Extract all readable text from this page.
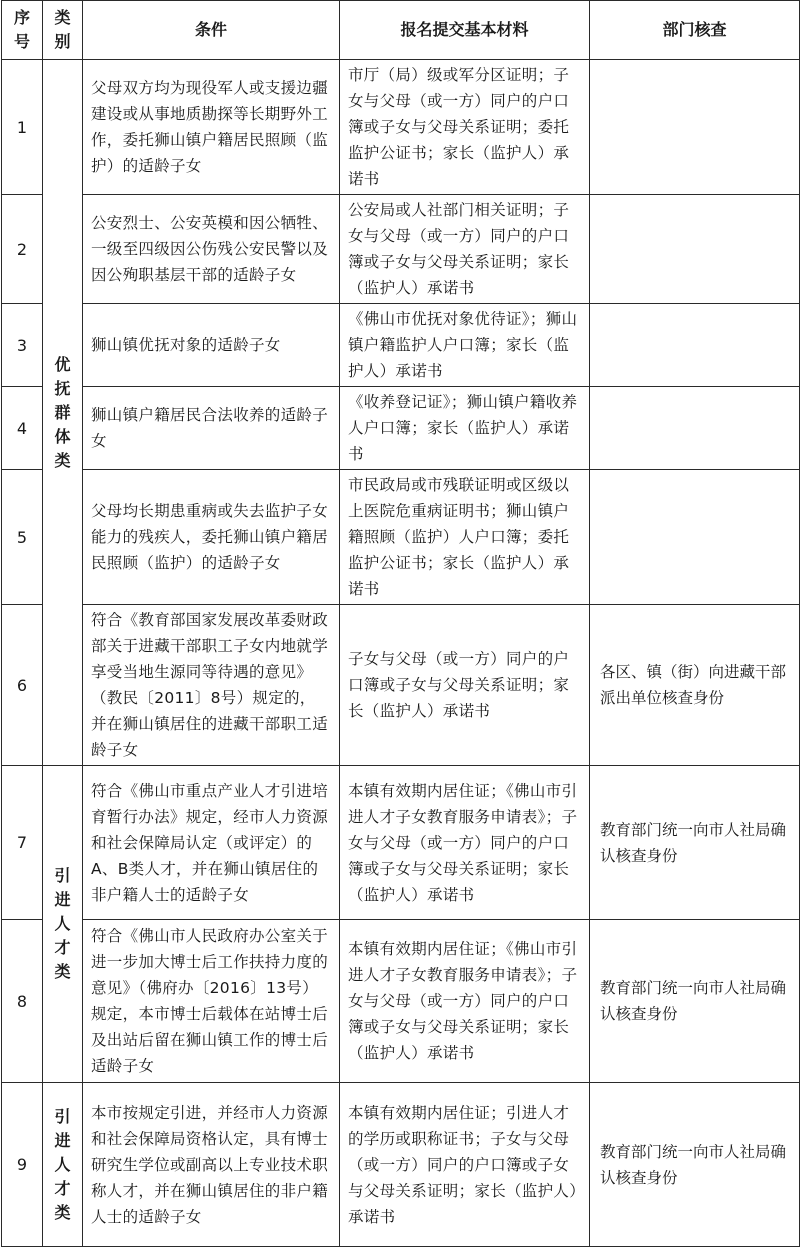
序号	类别	条件	报名提交基本材料	部门核查
1	优抚群体类	父母双方均为现役军人或支援边疆建设或从事地质勘探等长期野外工作，委托狮山镇户籍居民照顾（监护）的适龄子女	市厅（局）级或军分区证明；子女与父母（或一方）同户的户口簿或子女与父母关系证明；委托监护公证书；家长（监护人）承诺书	
2		公安烈士、公安英模和因公牺牲、一级至四级因公伤残公安民警以及因公殉职基层干部的适龄子女	公安局或人社部门相关证明；子女与父母（或一方）同户的户口簿或子女与父母关系证明；家长（监护人）承诺书	
3		狮山镇优抚对象的适龄子女	《佛山市优抚对象优待证》；狮山镇户籍监护人户口簿；家长（监护人）承诺书	
4		狮山镇户籍居民合法收养的适龄子女	《收养登记证》；狮山镇户籍收养人户口簿；家长（监护人）承诺书	
5		父母均长期患重病或失去监护子女能力的残疾人，委托狮山镇户籍居民照顾（监护）的适龄子女	市民政局或市残联证明或区级以上医院危重病证明书；狮山镇户籍照顾（监护）人户口簿；委托监护公证书；家长（监护人）承诺书	
6		符合《教育部国家发展改革委财政部关于进藏干部职工子女内地就学享受当地生源同等待遇的意见》（教民〔2011〕8号）规定的，并在狮山镇居住的进藏干部职工适龄子女	子女与父母（或一方）同户的户口簿或子女与父母关系证明；家长（监护人）承诺书	各区、镇（街）向进藏干部派出单位核查身份
7	引进人才类	符合《佛山市重点产业人才引进培育暂行办法》规定，经市人力资源和社会保障局认定（或评定）的A、B类人才，并在狮山镇居住的非户籍人士的适龄子女	本镇有效期内居住证；《佛山市引进人才子女教育服务申请表》；子女与父母（或一方）同户的户口簿或子女与父母关系证明；家长（监护人）承诺书	教育部门统一向市人社局确认核查身份
8		符合《佛山市人民政府办公室关于进一步加大博士后工作扶持力度的意见》（佛府办〔2016〕13号）规定，本市博士后载体在站博士后及出站后留在狮山镇工作的博士后适龄子女	本镇有效期内居住证；《佛山市引进人才子女教育服务申请表》；子女与父母（或一方）同户的户口簿或子女与父母关系证明；家长（监护人）承诺书	教育部门统一向市人社局确认核查身份
9	引进人才类	本市按规定引进，并经市人力资源和社会保障局资格认定，具有博士研究生学位或副高以上专业技术职称人才，并在狮山镇居住的非户籍人士的适龄子女	本镇有效期内居住证；引进人才的学历或职称证书；子女与父母（或一方）同户的户口簿或子女与父母关系证明；家长（监护人）承诺书	教育部门统一向市人社局确认核查身份
